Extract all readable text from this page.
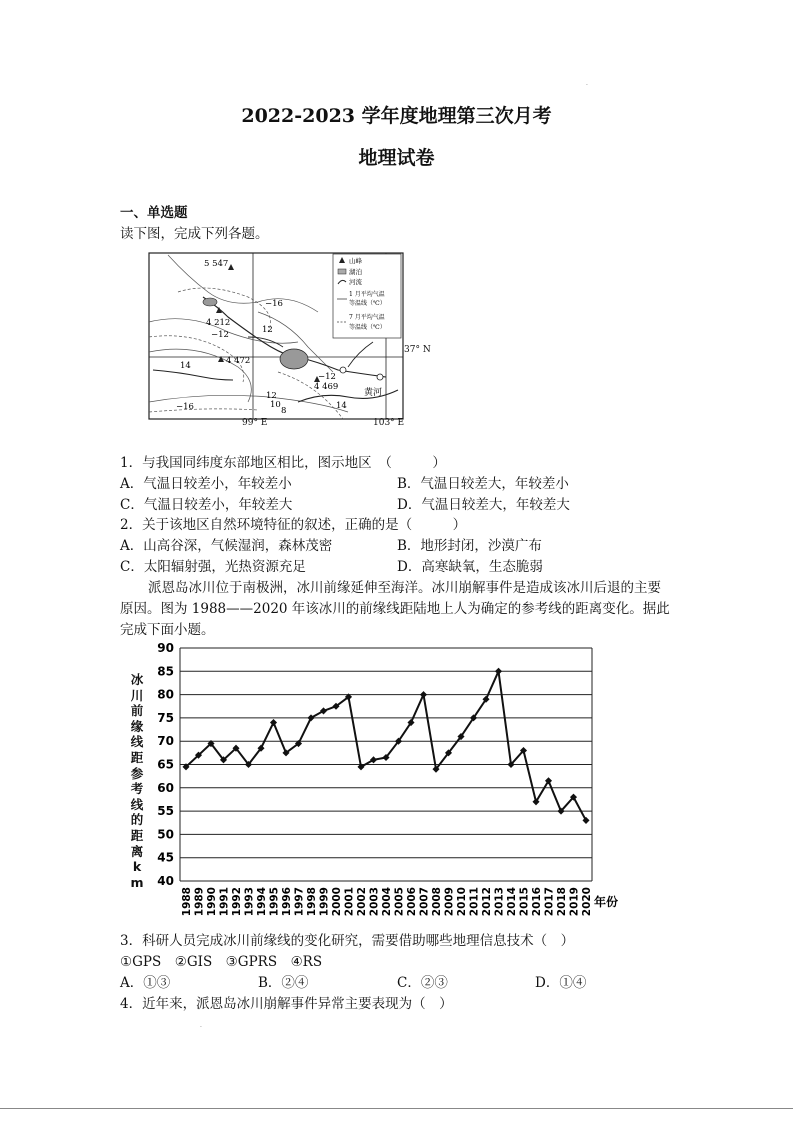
·
2022-2023 学年度地理第三次月考
地理试卷
一、单选题
读下图，完成下列各题。
山峰
湖泊
河流
1 月平均气温
等温线（℃）
7 月平均气温
等温线（℃）
5 547
4 212
4 472
4 469
−16
−12	12
14
−12
12
10
8	14
−16
黄河
37° N
99° E	103° E
1．与我国同纬度东部地区相比，图示地区　（　　　）
A．气温日较差小，年较差小	B．气温日较差大，年较差小
C．气温日较差小，年较差大	D．气温日较差大，年较差大
2．关于该地区自然环境特征的叙述，正确的是（　　　）
A．山高谷深，气候湿润，森林茂密	B．地形封闭，沙漠广布
C．太阳辐射强，光热资源充足	D．高寒缺氧，生态脆弱
派恩岛冰川位于南极洲，冰川前缘延伸至海洋。冰川崩解事件是造成该冰川后退的主要
原因。图为 1988——2020 年该冰川的前缘线距陆地上人为确定的参考线的距离变化。据此
完成下面小题。
40
45
50
55
60
65
70
75
80
85
90
1988 1989 1990 1991 1992 1993 1994 1995 1996 1997 1998 1999 2000 2001 2002 2003 2004 2005 2006 2007 2008 2009 2010 2011 2012 2013 2014 2015 2016 2017 2018 2019 2020 年份
冰川前缘线距参考线的距离km
3．科研人员完成冰川前缘线的变化研究，需要借助哪些地理信息技术（　）
①GPS　②GIS　③GPRS　④RS
A．①③	B．②④	C．②③	D．①④
4．近年来，派恩岛冰川崩解事件异常主要表现为（　）
·
